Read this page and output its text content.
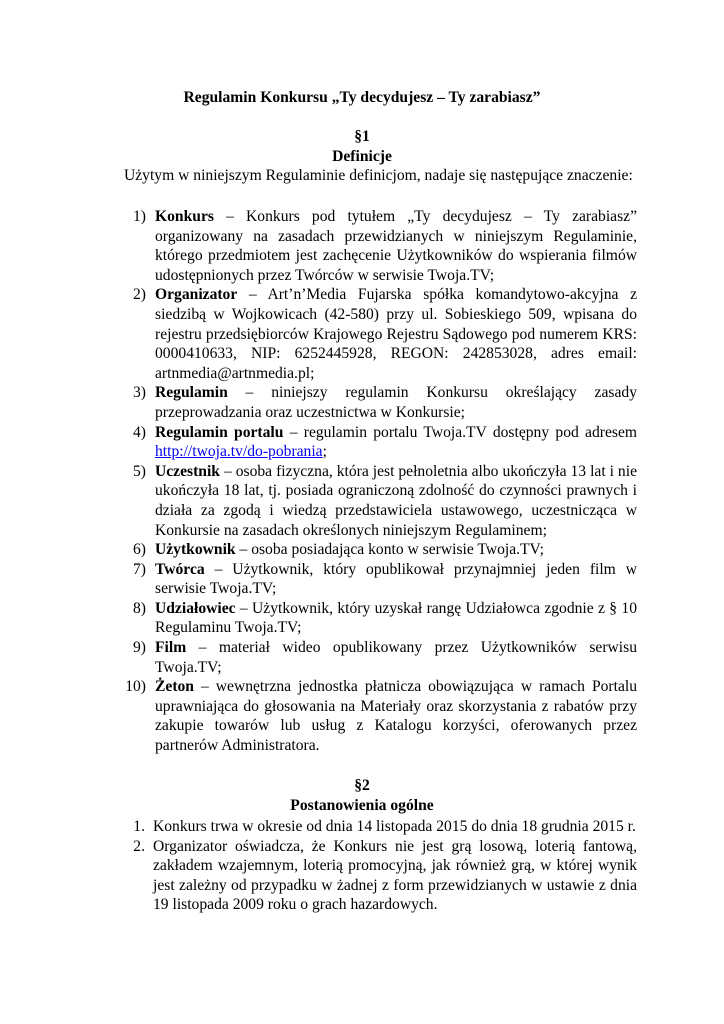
Regulamin Konkursu „Ty decydujesz – Ty zarabiasz”
§1
Definicje
Użytym w niniejszym Regulaminie definicjom, nadaje się następujące znaczenie:
1) Konkurs – Konkurs pod tytułem „Ty decydujesz – Ty zarabiasz” organizowany na zasadach przewidzianych w niniejszym Regulaminie, którego przedmiotem jest zachęcenie Użytkowników do wspierania filmów udostępnionych przez Twórców w serwisie Twoja.TV;
2) Organizator – Art’n’Media Fujarska spółka komandytowo-akcyjna z siedzibą w Wojkowicach (42-580) przy ul. Sobieskiego 509, wpisana do rejestru przedsiębiorców Krajowego Rejestru Sądowego pod numerem KRS: 0000410633, NIP: 6252445928, REGON: 242853028, adres email: artnmedia@artnmedia.pl;
3) Regulamin – niniejszy regulamin Konkursu określający zasady przeprowadzania oraz uczestnictwa w Konkursie;
4) Regulamin portalu – regulamin portalu Twoja.TV dostępny pod adresem http://twoja.tv/do-pobrania;
5) Uczestnik – osoba fizyczna, która jest pełnoletnia albo ukończyła 13 lat i nie ukończyła 18 lat, tj. posiada ograniczoną zdolność do czynności prawnych i działa za zgodą i wiedzą przedstawiciela ustawowego, uczestnicząca w Konkursie na zasadach określonych niniejszym Regulaminem;
6) Użytkownik – osoba posiadająca konto w serwisie Twoja.TV;
7) Twórca – Użytkownik, który opublikował przynajmniej jeden film w serwisie Twoja.TV;
8) Udziałowiec – Użytkownik, który uzyskał rangę Udziałowca zgodnie z § 10 Regulaminu Twoja.TV;
9) Film – materiał wideo opublikowany przez Użytkowników serwisu Twoja.TV;
10) Żeton – wewnętrzna jednostka płatnicza obowiązująca w ramach Portalu uprawniająca do głosowania na Materiały oraz skorzystania z rabatów przy zakupie towarów lub usług z Katalogu korzyści, oferowanych przez partnerów Administratora.
§2
Postanowienia ogólne
1. Konkurs trwa w okresie od dnia 14 listopada 2015 do dnia 18 grudnia 2015 r.
2. Organizator oświadcza, że Konkurs nie jest grą losową, loterią fantową, zakładem wzajemnym, loterią promocyjną, jak również grą, w której wynik jest zależny od przypadku w żadnej z form przewidzianych w ustawie z dnia 19 listopada 2009 roku o grach hazardowych.
